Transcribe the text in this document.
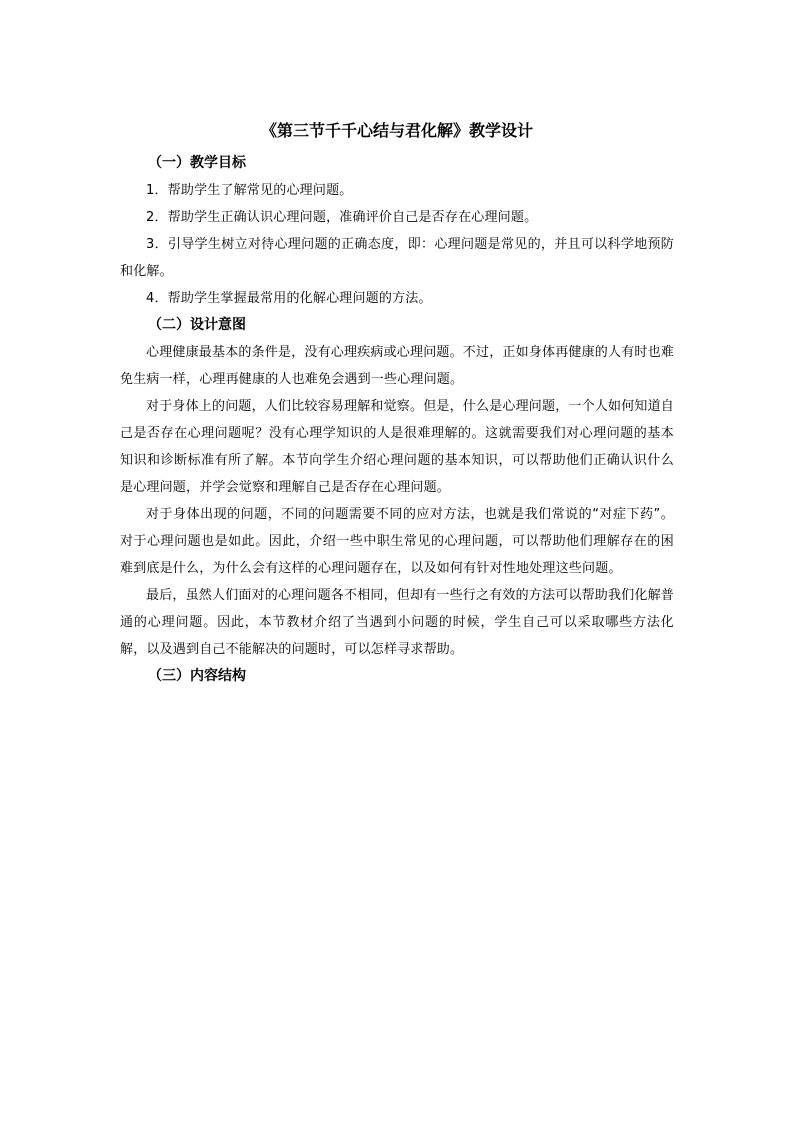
《第三节千千心结与君化解》教学设计

（一）教学目标

1．帮助学生了解常见的心理问题。

2．帮助学生正确认识心理问题，准确评价自己是否存在心理问题。

3．引导学生树立对待心理问题的正确态度，即：心理问题是常见的，并且可以科学地预防和化解。

4．帮助学生掌握最常用的化解心理问题的方法。

（二）设计意图

心理健康最基本的条件是，没有心理疾病或心理问题。不过，正如身体再健康的人有时也难免生病一样，心理再健康的人也难免会遇到一些心理问题。

对于身体上的问题，人们比较容易理解和觉察。但是，什么是心理问题，一个人如何知道自己是否存在心理问题呢？没有心理学知识的人是很难理解的。这就需要我们对心理问题的基本知识和诊断标准有所了解。本节向学生介绍心理问题的基本知识，可以帮助他们正确认识什么是心理问题，并学会觉察和理解自己是否存在心理问题。

对于身体出现的问题，不同的问题需要不同的应对方法，也就是我们常说的“对症下药”。对于心理问题也是如此。因此，介绍一些中职生常见的心理问题，可以帮助他们理解存在的困难到底是什么，为什么会有这样的心理问题存在，以及如何有针对性地处理这些问题。

最后，虽然人们面对的心理问题各不相同，但却有一些行之有效的方法可以帮助我们化解普通的心理问题。因此，本节教材介绍了当遇到小问题的时候，学生自己可以采取哪些方法化解，以及遇到自己不能解决的问题时，可以怎样寻求帮助。

（三）内容结构
